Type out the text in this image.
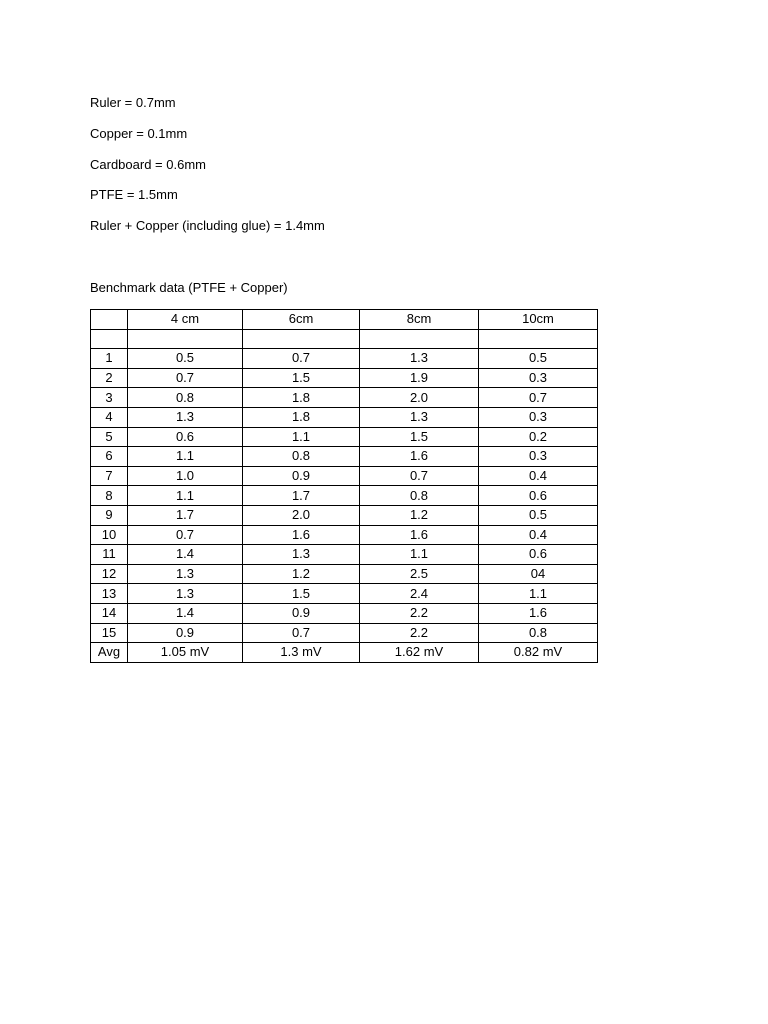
Ruler = 0.7mm
Copper = 0.1mm
Cardboard = 0.6mm
PTFE = 1.5mm
Ruler + Copper (including glue) = 1.4mm
Benchmark data (PTFE + Copper)
	4 cm	6cm	8cm	10cm

1	0.5	0.7	1.3	0.5
2	0.7	1.5	1.9	0.3
3	0.8	1.8	2.0	0.7
4	1.3	1.8	1.3	0.3
5	0.6	1.1	1.5	0.2
6	1.1	0.8	1.6	0.3
7	1.0	0.9	0.7	0.4
8	1.1	1.7	0.8	0.6
9	1.7	2.0	1.2	0.5
10	0.7	1.6	1.6	0.4
11	1.4	1.3	1.1	0.6
12	1.3	1.2	2.5	04
13	1.3	1.5	2.4	1.1
14	1.4	0.9	2.2	1.6
15	0.9	0.7	2.2	0.8
Avg	1.05 mV	1.3 mV	1.62 mV	0.82 mV
